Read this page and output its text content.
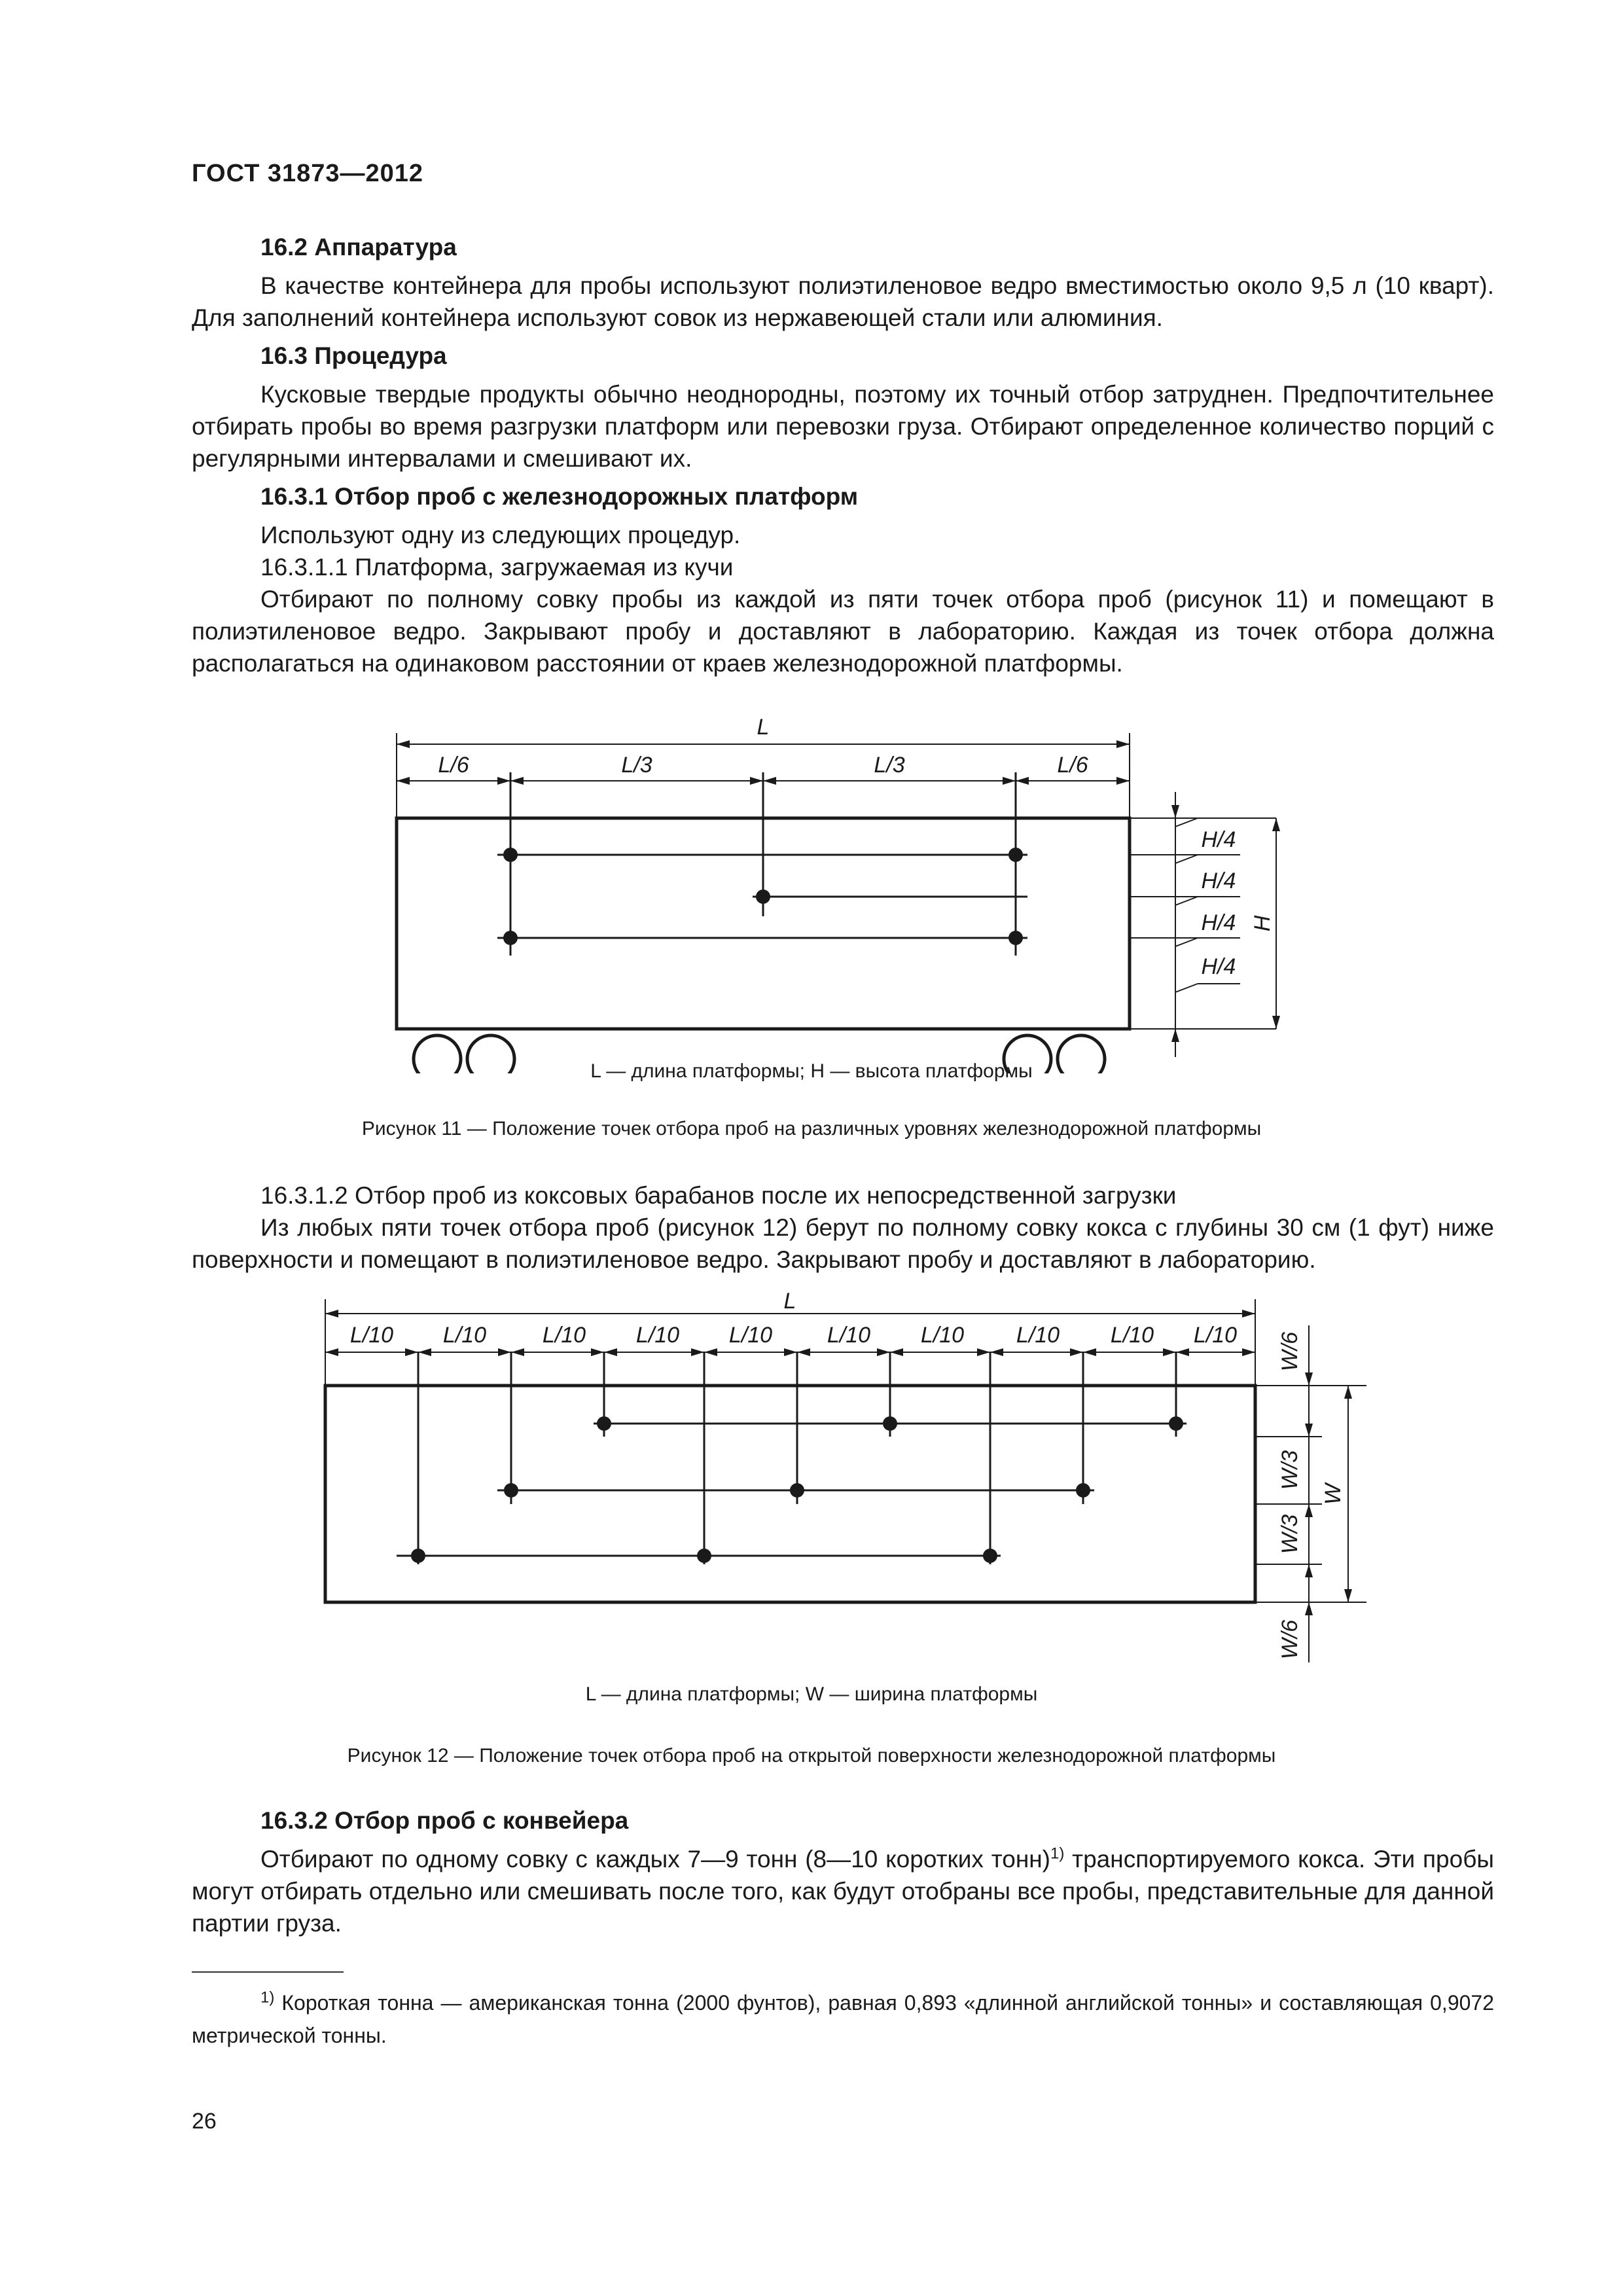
ГОСТ 31873—2012
16.2 Аппаратура
В качестве контейнера для пробы используют полиэтиленовое ведро вместимостью около 9,5 л (10 кварт). Для заполнений контейнера используют совок из нержавеющей стали или алюминия.
16.3 Процедура
Кусковые твердые продукты обычно неоднородны, поэтому их точный отбор затруднен. Предпочтительнее отбирать пробы во время разгрузки платформ или перевозки груза. Отбирают определенное количество порций с регулярными интервалами и смешивают их.
16.3.1 Отбор проб с железнодорожных платформ
Используют одну из следующих процедур.
16.3.1.1 Платформа, загружаемая из кучи
Отбирают по полному совку пробы из каждой из пяти точек отбора проб (рисунок 11) и помещают в полиэтиленовое ведро. Закрывают пробу и доставляют в лабораторию. Каждая из точек отбора должна располагаться на одинаковом расстоянии от краев железнодорожной платформы.
L
L/6	L/3	L/3	L/6
H/4
H/4
H/4
H/4
H
L — длина платформы; H — высота платформы
Рисунок 11 — Положение точек отбора проб на различных уровнях железнодорожной платформы
16.3.1.2 Отбор проб из коксовых барабанов после их непосредственной загрузки
Из любых пяти точек отбора проб (рисунок 12) берут по полному совку кокса с глубины 30 см (1 фут) ниже поверхности и помещают в полиэтиленовое ведро. Закрывают пробу и доставляют в лабораторию.
L
L/10 L/10	L/10 L/10 L/10 L/10 L/10 L/10 L/10 L/10 W/6
W/3
W/3
W/6
W
L — длина платформы; W — ширина платформы
Рисунок 12 — Положение точек отбора проб на открытой поверхности железнодорожной платформы
16.3.2 Отбор проб с конвейера
Отбирают по одному совку с каждых 7—9 тонн (8—10 коротких тонн)$^{1)}$ транспортируемого кокса. Эти пробы могут отбирать отдельно или смешивать после того, как будут отобраны все пробы, представительные для данной партии груза.
$^{1)}$ Короткая тонна — американская тонна (2000 фунтов), равная 0,893 «длинной английской тонны» и составляющая 0,9072 метрической тонны.
26
